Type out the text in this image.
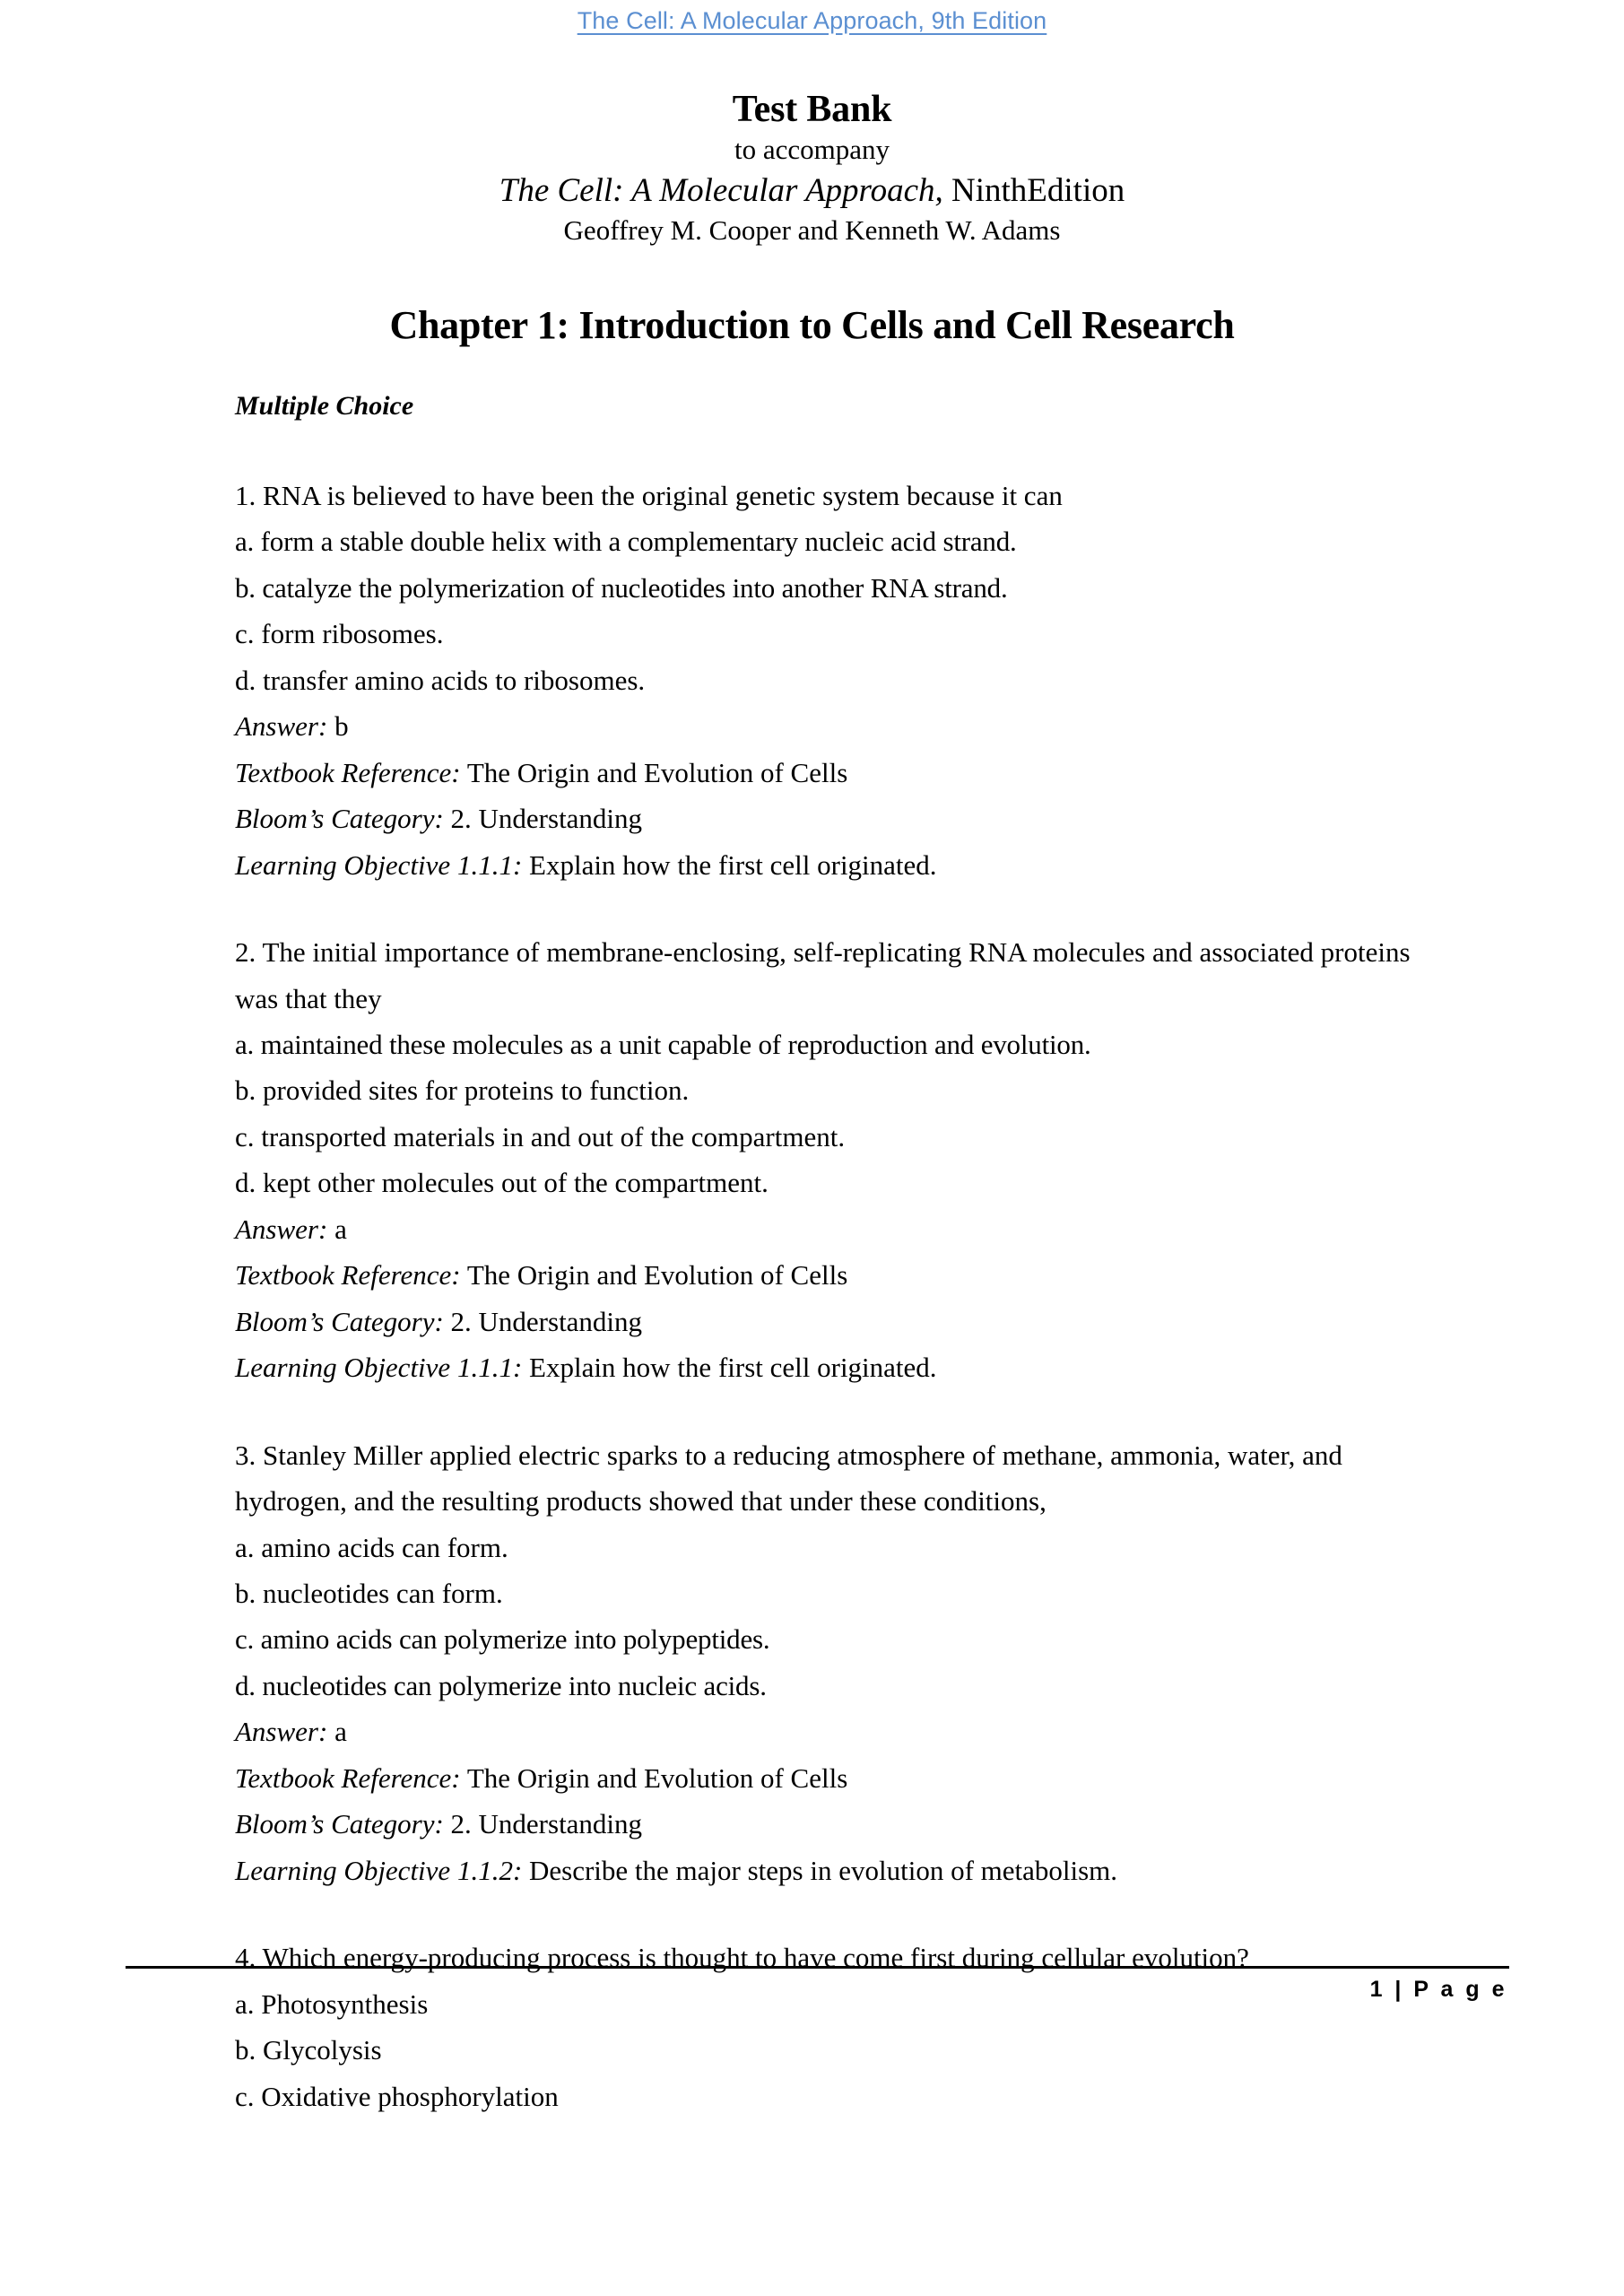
The Cell: A Molecular Approach, 9th Edition
Test Bank
to accompany
The Cell: A Molecular Approach, NinthEdition
Geoffrey M. Cooper and Kenneth W. Adams
Chapter 1: Introduction to Cells and Cell Research
Multiple Choice

1. RNA is believed to have been the original genetic system because it can

a. form a stable double helix with a complementary nucleic acid strand.

b. catalyze the polymerization of nucleotides into another RNA strand.

c. form ribosomes.

d. transfer amino acids to ribosomes.

Answer: b

Textbook Reference: The Origin and Evolution of Cells

Bloom’s Category: 2. Understanding

Learning Objective 1.1.1: Explain how the first cell originated.

2. The initial importance of membrane-enclosing, self-replicating RNA molecules and associated proteins was that they

a. maintained these molecules as a unit capable of reproduction and evolution.

b. provided sites for proteins to function.

c. transported materials in and out of the compartment.

d. kept other molecules out of the compartment.

Answer: a

Textbook Reference: The Origin and Evolution of Cells

Bloom’s Category: 2. Understanding

Learning Objective 1.1.1: Explain how the first cell originated.

3. Stanley Miller applied electric sparks to a reducing atmosphere of methane, ammonia, water, and hydrogen, and the resulting products showed that under these conditions,

a. amino acids can form.

b. nucleotides can form.

c. amino acids can polymerize into polypeptides.

d. nucleotides can polymerize into nucleic acids.

Answer: a

Textbook Reference: The Origin and Evolution of Cells

Bloom’s Category: 2. Understanding

Learning Objective 1.1.2: Describe the major steps in evolution of metabolism.

4. Which energy-producing process is thought to have come first during cellular evolution?

a. Photosynthesis

b. Glycolysis

c. Oxidative phosphorylation

1 | P a g e
